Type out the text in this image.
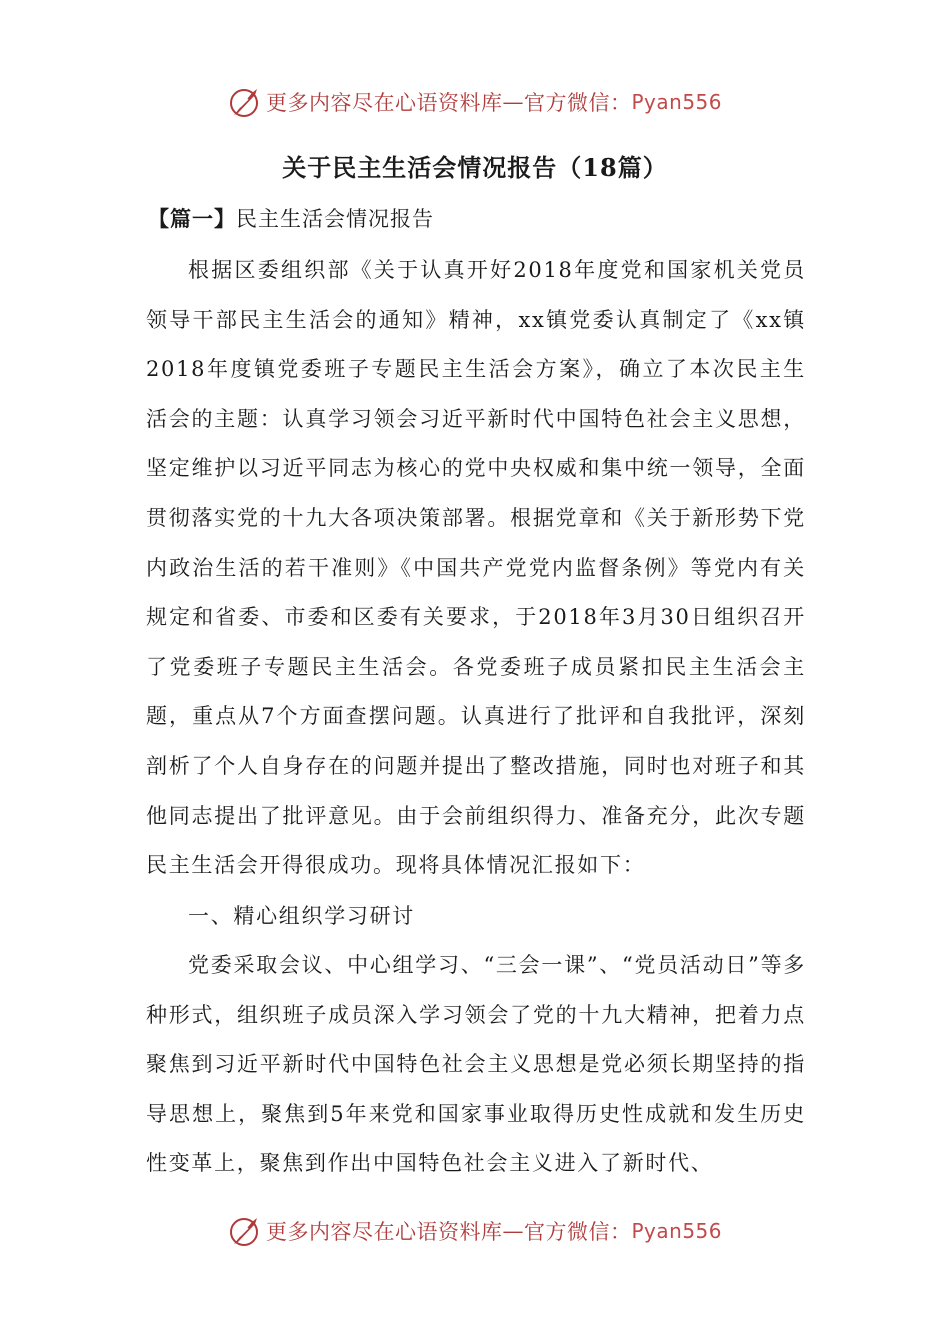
更多内容尽在心语资料库 — 官方微信： Pyan556
关于民主生活会情况报告（18篇）

【篇一】民主生活会情况报告

根据区委组织部《关于认真开好2018年度党和国家机关党员领导干部民主生活会的通知》精神，xx镇党委认真制定了《xx镇2018年度镇党委班子专题民主生活会方案》，确立了本次民主生活会的主题：认真学习领会习近平新时代中国特色社会主义思想，坚定维护以习近平同志为核心的党中央权威和集中统一领导，全面贯彻落实党的十九大各项决策部署。根据党章和《关于新形势下党内政治生活的若干准则》《中国共产党党内监督条例》等党内有关规定和省委、市委和区委有关要求，于2018年3月30日组织召开了党委班子专题民主生活会。各党委班子成员紧扣民主生活会主题，重点从7个方面查摆问题。认真进行了批评和自我批评，深刻剖析了个人自身存在的问题并提出了整改措施，同时也对班子和其他同志提出了批评意见。由于会前组织得力、准备充分，此次专题民主生活会开得很成功。现将具体情况汇报如下：

一、精心组织学习研讨

党委采取会议、中心组学习、“三会一课”、“党员活动日”等多种形式，组织班子成员深入学习领会了党的十九大精神，把着力点聚焦到习近平新时代中国特色社会主义思想是党必须长期坚持的指导思想上，聚焦到5年来党和国家事业取得历史性成就和发生历史性变革上，聚焦到作出中国特色社会主义进入了新时代、

更多内容尽在心语资料库 — 官方微信： Pyan556
